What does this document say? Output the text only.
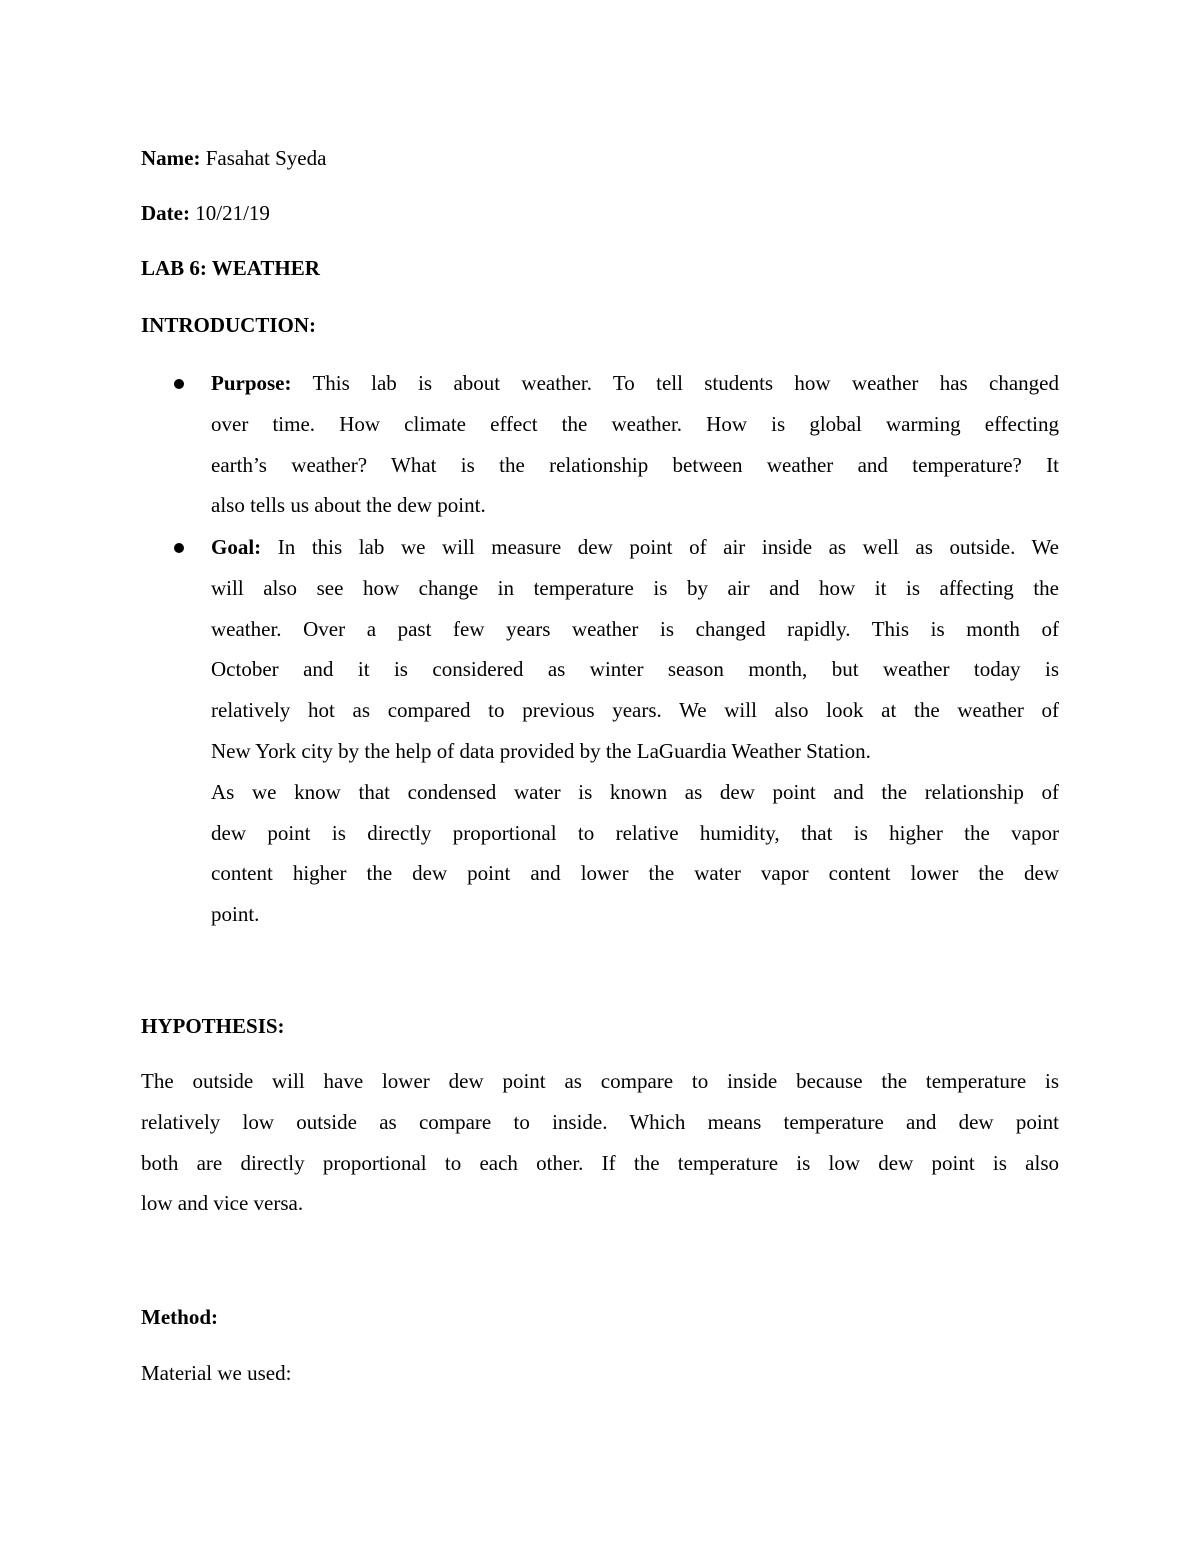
Name: Fasahat Syeda
Date: 10/21/19
LAB 6: WEATHER
INTRODUCTION:
Purpose: This lab is about weather. To tell students how weather has changed
over time. How climate effect the weather. How is global warming effecting
earth’s weather? What is the relationship between weather and temperature? It
also tells us about the dew point.
Goal: In this lab we will measure dew point of air inside as well as outside. We
will also see how change in temperature is by air and how it is affecting the
weather. Over a past few years weather is changed rapidly. This is month of
October and it is considered as winter season month, but weather today is
relatively hot as compared to previous years. We will also look at the weather of
New York city by the help of data provided by the LaGuardia Weather Station.
As we know that condensed water is known as dew point and the relationship of
dew point is directly proportional to relative humidity, that is higher the vapor
content higher the dew point and lower the water vapor content lower the dew
point.
HYPOTHESIS:
The outside will have lower dew point as compare to inside because the temperature is
relatively low outside as compare to inside. Which means temperature and dew point
both are directly proportional to each other. If the temperature is low dew point is also
low and vice versa.
Method:
Material we used:
